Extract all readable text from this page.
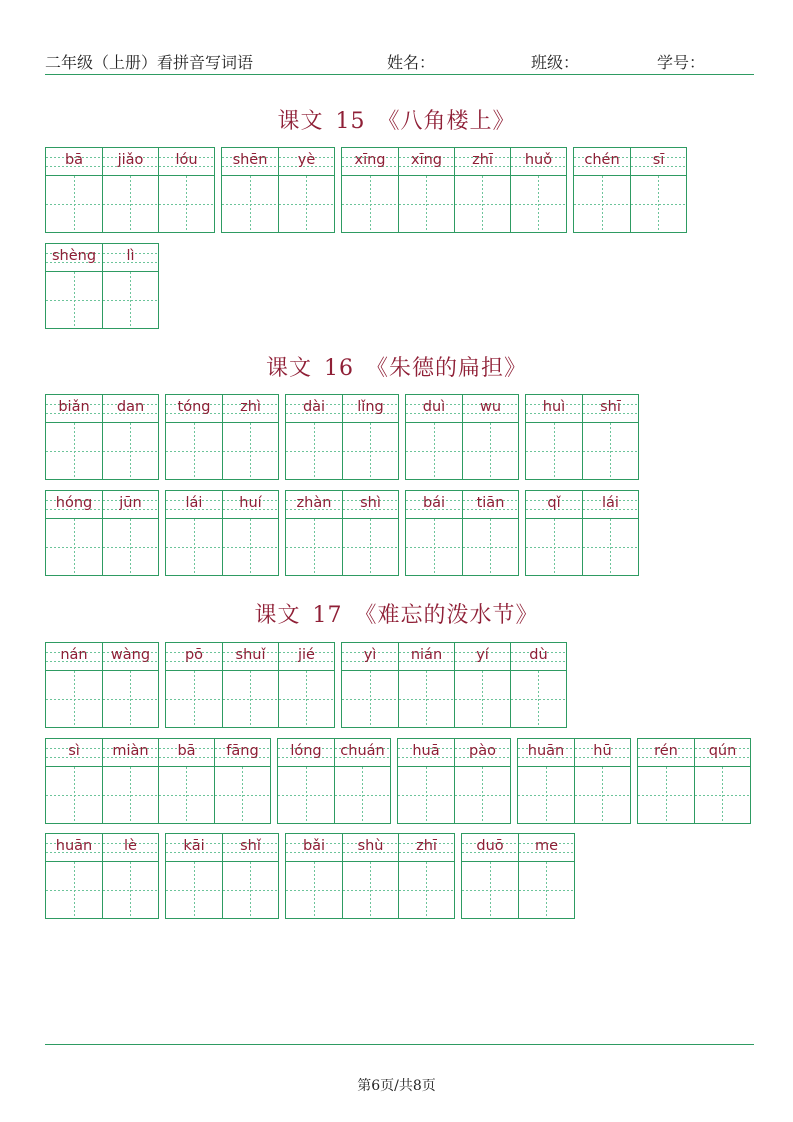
二年级（上册）看拼音写词语	姓名：	班级：	学号：
课文 15 《八角楼上》
bā	jiǎo	lóu	shēn	yè	xīng	xīng	zhī	huǒ	chén	sī
shèng	lì
课文 16 《朱德的扁担》
biǎn	dan	tóng	zhì	dài	lǐng	duì	wu	huì	shī
hóng	jūn	lái	huí	zhàn	shì	bái	tiān	qǐ	lái
课文 17 《难忘的泼水节》
nán	wàng	pō	shuǐ	jié	yì	nián	yí	dù
sì	miàn	bā	fāng	lóng	chuán	huā	pào	huān	hū	rén	qún
huān	lè	kāi	shǐ	bǎi	shù	zhī	duō	me
第6页/共8页
